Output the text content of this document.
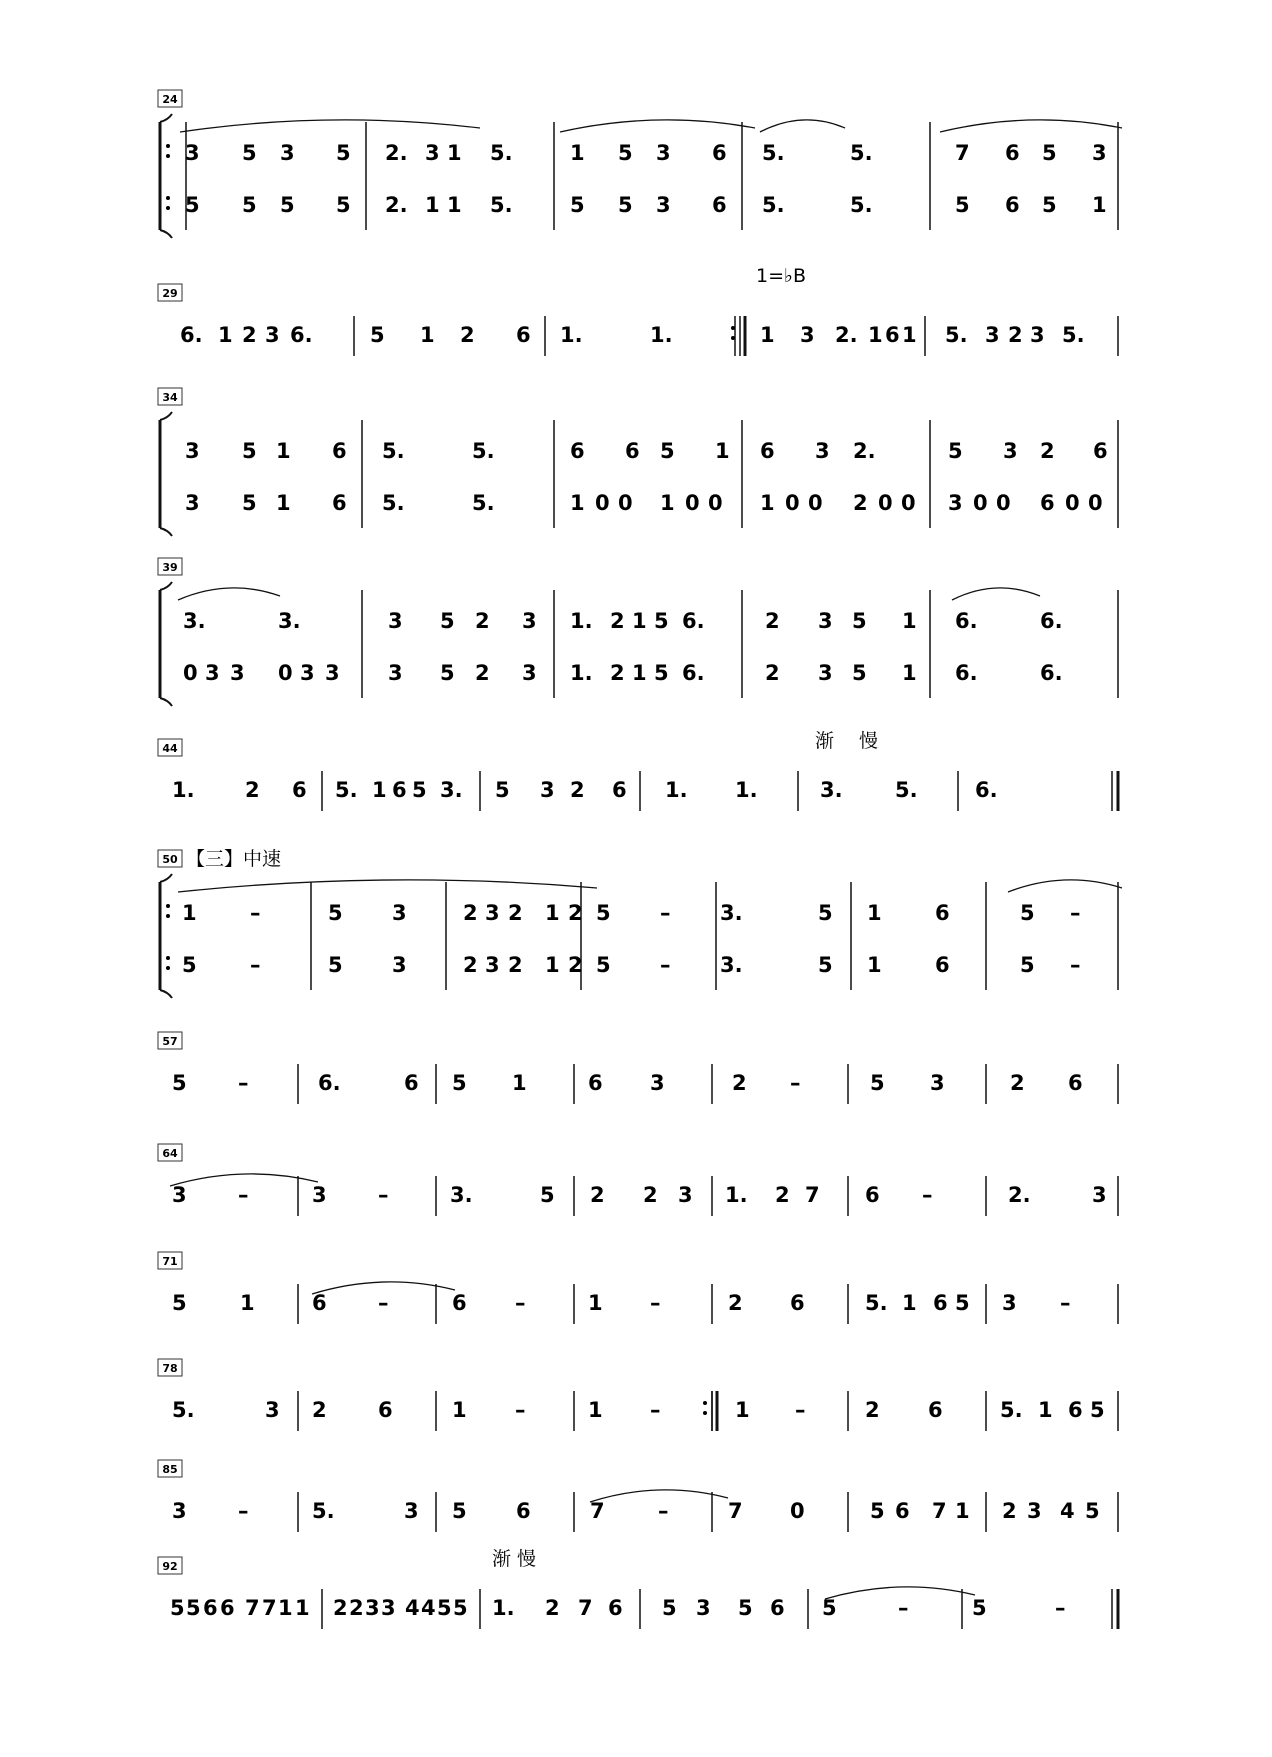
24
3 5 3 5 2. 3 1 5.	1 5 3 6 5.	5.	7 6 5 3
5 5 5 5 2. 1 1 5.	5 5 3 6 5.	5.	5 6 5 1
29
1=♭B
6. 1 2 3 6.	5 1 2 6 1.	1.	1 3 2. 1 6 1 5. 3 2 3 5.
34
3 5 1 6 5.	5.	6 6 5 1 6 3 2.	5 3 2 6
3 5 1 6 5.	5.	1 0 0 1 0 0 1 0 0 2 0 0 3 0 0 6 0 0
39
3.	3.	3 5 2 3 1. 2 1 5 6.	2 3 5 1 6.	6.
0 3 3 0 3 3 3 5 2 3 1. 2 1 5 6.	2 3 5 1 6.	6.
44	渐　 慢
1. 2 6 5. 1 6 5 3. 5 3 2 6 1. 1.	3. 5.	6.
50 【三】中速
1	–	5 3	2 3 2 1 2 5 – 3.	5 1	6	5 –
5	–	5 3	2 3 2 1 2 5 – 3.	5 1	6	5 –
57
5 –	6.	6 5 1	6 3	2 –	5 3	2 6
64
3 –	3 –	3.	5 2 2 3 1. 2 7 6 –	2.	3
71
5	1	6 –	6 –	1 –	2 6	5. 1 6 5 3 –
78
5.	3 2 6	1 –	1 –	1 –	2 6	5. 1 6 5
85
3 –	5.	3 5 6	7	–	7 0	5 6 7 1 2 3 4 5
92	渐 慢
5 5 6 6 7 7 1 1 2 2 3 3 4 4 5 5 1. 2 7 6 5 3 5 6 5	–	5	–
